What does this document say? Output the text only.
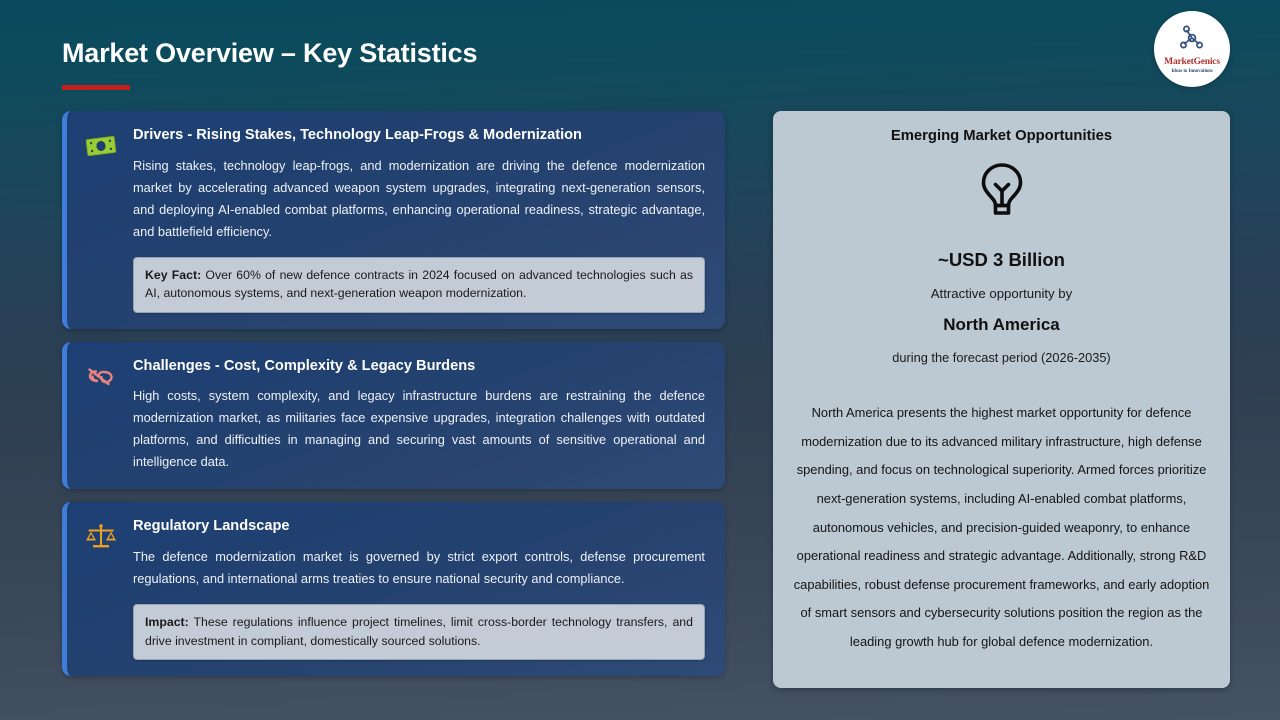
Market Overview – Key Statistics	MarketGenics
Ideas to Innovations
Drivers - Rising Stakes, Technology Leap-Frogs & Modernization
Rising stakes, technology leap-frogs, and modernization are driving the defence modernization market by accelerating advanced weapon system upgrades, integrating next-generation sensors, and deploying AI-enabled combat platforms, enhancing operational readiness, strategic advantage, and battlefield efficiency.
Key Fact: Over 60% of new defence contracts in 2024 focused on advanced technologies such as AI, autonomous systems, and next-generation weapon modernization.
Challenges - Cost, Complexity & Legacy Burdens
High costs, system complexity, and legacy infrastructure burdens are restraining the defence modernization market, as militaries face expensive upgrades, integration challenges with outdated platforms, and difficulties in managing and securing vast amounts of sensitive operational and intelligence data.
Regulatory Landscape
The defence modernization market is governed by strict export controls, defense procurement regulations, and international arms treaties to ensure national security and compliance.
Impact: These regulations influence project timelines, limit cross-border technology transfers, and drive investment in compliant, domestically sourced solutions.
Emerging Market Opportunities
~USD 3 Billion
Attractive opportunity by
North America
during the forecast period (2026-2035)
North America presents the highest market opportunity for defence modernization due to its advanced military infrastructure, high defense spending, and focus on technological superiority. Armed forces prioritize next-generation systems, including AI-enabled combat platforms, autonomous vehicles, and precision-guided weaponry, to enhance operational readiness and strategic advantage. Additionally, strong R&D capabilities, robust defense procurement frameworks, and early adoption of smart sensors and cybersecurity solutions position the region as the leading growth hub for global defence modernization.
